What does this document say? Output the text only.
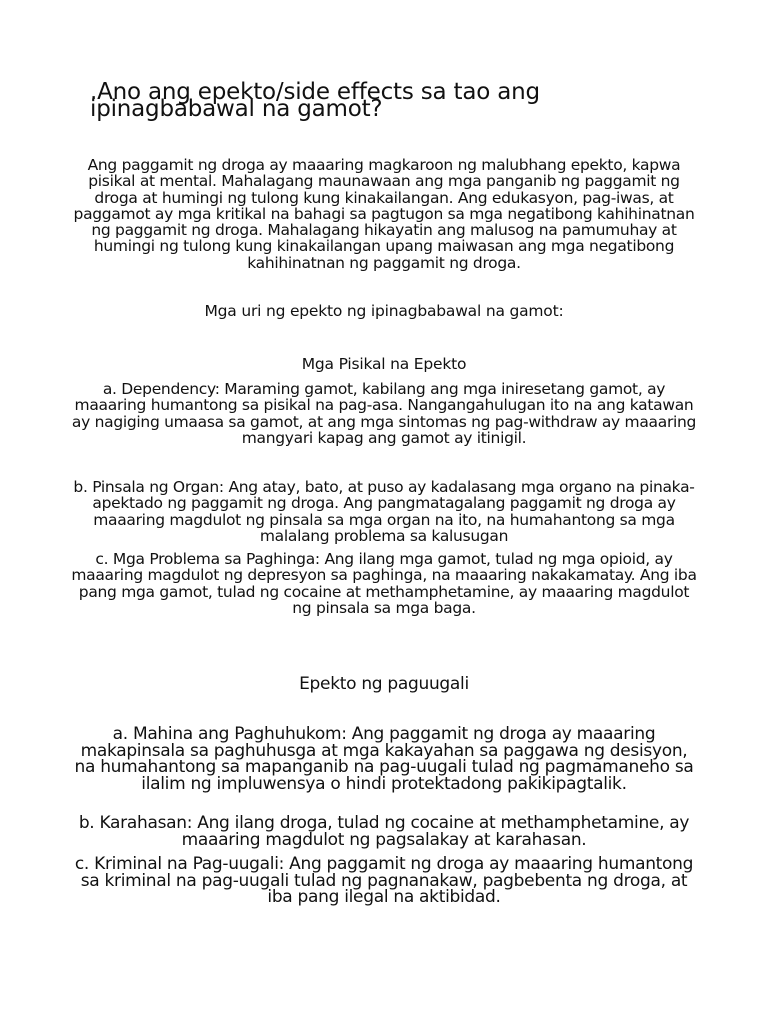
.Ano ang epekto/side effects sa tao ang ipinagbabawal na gamot?
Ang paggamit ng droga ay maaaring magkaroon ng malubhang epekto, kapwa pisikal at mental. Mahalagang maunawaan ang mga panganib ng paggamit ng droga at humingi ng tulong kung kinakailangan. Ang edukasyon, pag-iwas, at paggamot ay mga kritikal na bahagi sa pagtugon sa mga negatibong kahihinatnan ng paggamit ng droga. Mahalagang hikayatin ang malusog na pamumuhay at humingi ng tulong kung kinakailangan upang maiwasan ang mga negatibong kahihinatnan ng paggamit ng droga.
Mga uri ng epekto ng ipinagbabawal na gamot:
Mga Pisikal na Epekto
a. Dependency: Maraming gamot, kabilang ang mga iniresetang gamot, ay maaaring humantong sa pisikal na pag-asa. Nangangahulugan ito na ang katawan ay nagiging umaasa sa gamot, at ang mga sintomas ng pag-withdraw ay maaaring mangyari kapag ang gamot ay itinigil.
b. Pinsala ng Organ: Ang atay, bato, at puso ay kadalasang mga organo na pinaka-apektado ng paggamit ng droga. Ang pangmatagalang paggamit ng droga ay maaaring magdulot ng pinsala sa mga organ na ito, na humahantong sa mga malalang problema sa kalusugan
c. Mga Problema sa Paghinga: Ang ilang mga gamot, tulad ng mga opioid, ay maaaring magdulot ng depresyon sa paghinga, na maaaring nakakamatay. Ang iba pang mga gamot, tulad ng cocaine at methamphetamine, ay maaaring magdulot ng pinsala sa mga baga.
Epekto ng paguugali
a. Mahina ang Paghuhukom: Ang paggamit ng droga ay maaaring makapinsala sa paghuhusga at mga kakayahan sa paggawa ng desisyon, na humahantong sa mapanganib na pag-uugali tulad ng pagmamaneho sa ilalim ng impluwensya o hindi protektadong pakikipagtalik.
b. Karahasan: Ang ilang droga, tulad ng cocaine at methamphetamine, ay maaaring magdulot ng pagsalakay at karahasan.
c. Kriminal na Pag-uugali: Ang paggamit ng droga ay maaaring humantong sa kriminal na pag-uugali tulad ng pagnanakaw, pagbebenta ng droga, at iba pang ilegal na aktibidad.
